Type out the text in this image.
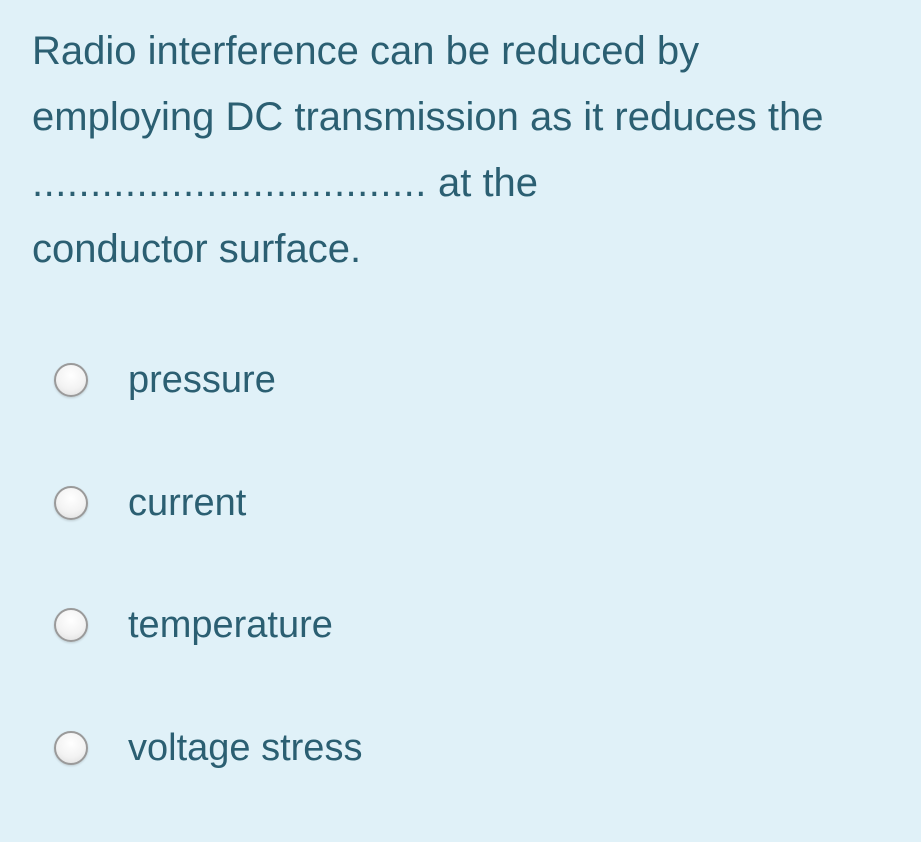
Radio interference can be reduced by
employing DC transmission as it reduces the
.................................. at the
conductor surface.
pressure
current
temperature
voltage stress
